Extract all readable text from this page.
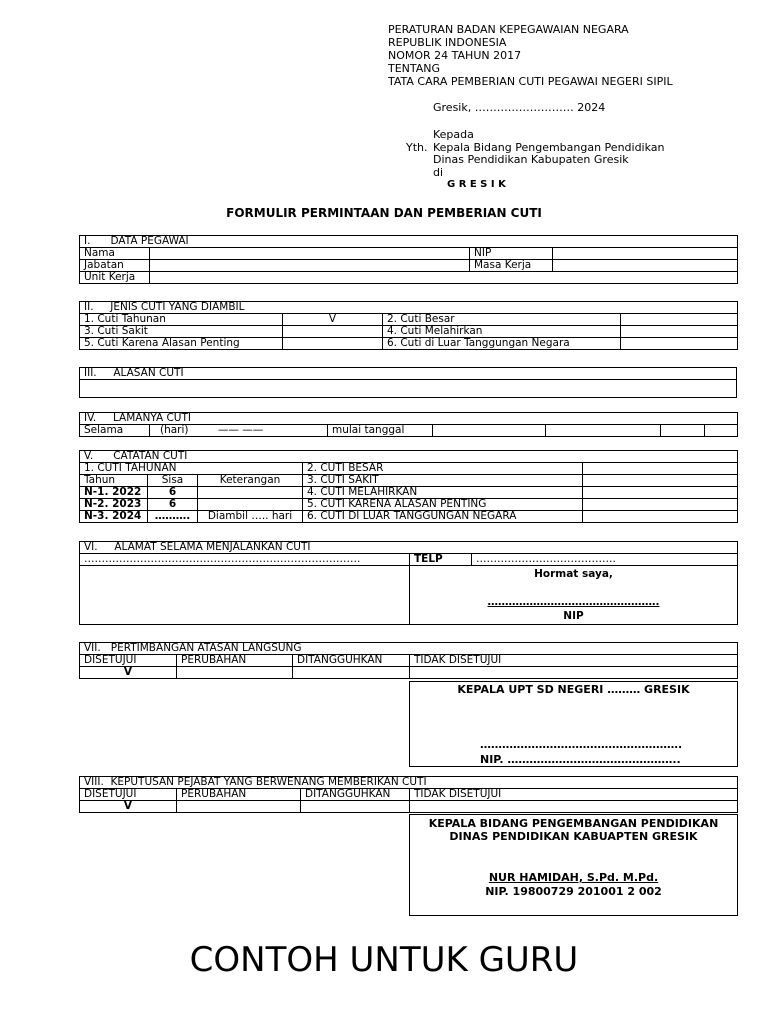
PERATURAN BADAN KEPEGAWAIAN NEGARA
REPUBLIK INDONESIA
NOMOR 24 TAHUN 2017
TENTANG
TATA CARA PEMBERIAN CUTI PEGAWAI NEGERI SIPIL
Gresik, ……………………… 2024
Kepada
Yth. Kepala Bidang Pengembangan Pendidikan
Dinas Pendidikan Kabupaten Gresik
di
G R E S I K
FORMULIR PERMINTAAN DAN PEMBERIAN CUTI
I. DATA PEGAWAI			
Nama		NIP	
Jabatan		Masa Kerja	
Unit Kerja			
II. JENIS CUTI YANG DIAMBIL			
1. Cuti Tahunan	V	2. Cuti Besar	
3. Cuti Sakit		4. Cuti Melahirkan	
5. Cuti Karena Alasan Penting		6. Cuti di Luar Tanggungan Negara	
III. ALASAN CUTI

IV. LAMANYA CUTI
Selama	(hari)	—— ——	mulai tanggal				
V. CATATAN CUTI				
1. CUTI TAHUNAN			2. CUTI BESAR	
Tahun	Sisa	Keterangan	3. CUTI SAKIT	
N-1. 2022	6		4. CUTI MELAHIRKAN	
N-2. 2023	6		5. CUTI KARENA ALASAN PENTING	
N-3. 2024	……….	Diambil ….. hari	6. CUTI DI LUAR TANGGUNGAN NEGARA	
VI. ALAMAT SELAMA MENJALANKAN CUTI		
…………………………………………………………………….	TELP	………………………………….

	Hormat saya,
………………………………………….
NIP	
VII. PERTIMBANGAN ATASAN LANGSUNG			
DISETUJUI	PERUBAHAN	DITANGGUHKAN	TIDAK DISETUJUI
V			
KEPALA UPT SD NEGERI ……… GRESIK
……………………………………………….
NIP. ………………………………………..
VIII. KEPUTUSAN PEJABAT YANG BERWENANG MEMBERIKAN CUTI			
DISETUJUI	PERUBAHAN	DITANGGUHKAN	TIDAK DISETUJUI
V			
KEPALA BIDANG PENGEMBANGAN PENDIDIKAN
DINAS PENDIDIKAN KABUAPTEN GRESIK
NUR HAMIDAH, S.Pd. M.Pd.
NIP. 19800729 201001 2 002
CONTOH UNTUK GURU
